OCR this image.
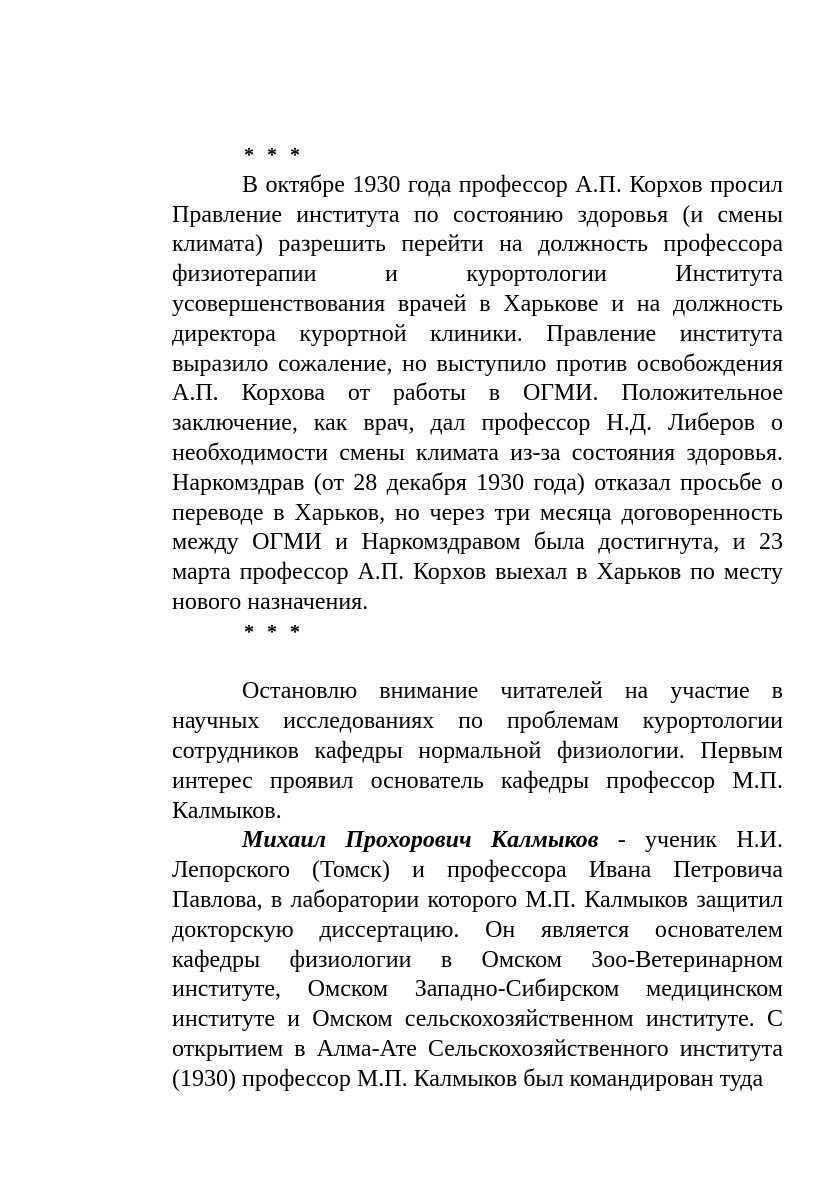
* * *

В октябре 1930 года профессор А.П. Корхов просил Правление института по состоянию здоровья (и смены климата) разрешить перейти на должность профессора физиотерапии и курортологии Института усовершенствования врачей в Харькове и на должность директора курортной клиники. Правление института выразило сожаление, но выступило против освобождения А.П. Корхова от работы в ОГМИ. Положительное заключение, как врач, дал профессор Н.Д. Либеров о необходимости смены климата из-за состояния здоровья. Наркомздрав (от 28 декабря 1930 года) отказал просьбе о переводе в Харьков, но через три месяца договоренность между ОГМИ и Наркомздравом была достигнута, и 23 марта профессор А.П. Корхов выехал в Харьков по месту нового назначения.

* * *

Остановлю внимание читателей на участие в научных исследованиях по проблемам курортологии сотрудников кафедры нормальной физиологии. Первым интерес проявил основатель кафедры профессор М.П. Калмыков.

Михаил Прохорович Калмыков - ученик Н.И. Лепорского (Томск) и профессора Ивана Петровича Павлова, в лаборатории которого М.П. Калмыков защитил докторскую диссертацию. Он является основателем кафедры физиологии в Омском Зоо-Ветеринарном институте, Омском Западно-Сибирском медицинском институте и Омском сельскохозяйственном институте. С открытием в Алма-Ате Сельскохозяйственного института (1930) профессор М.П. Калмыков был командирован туда
